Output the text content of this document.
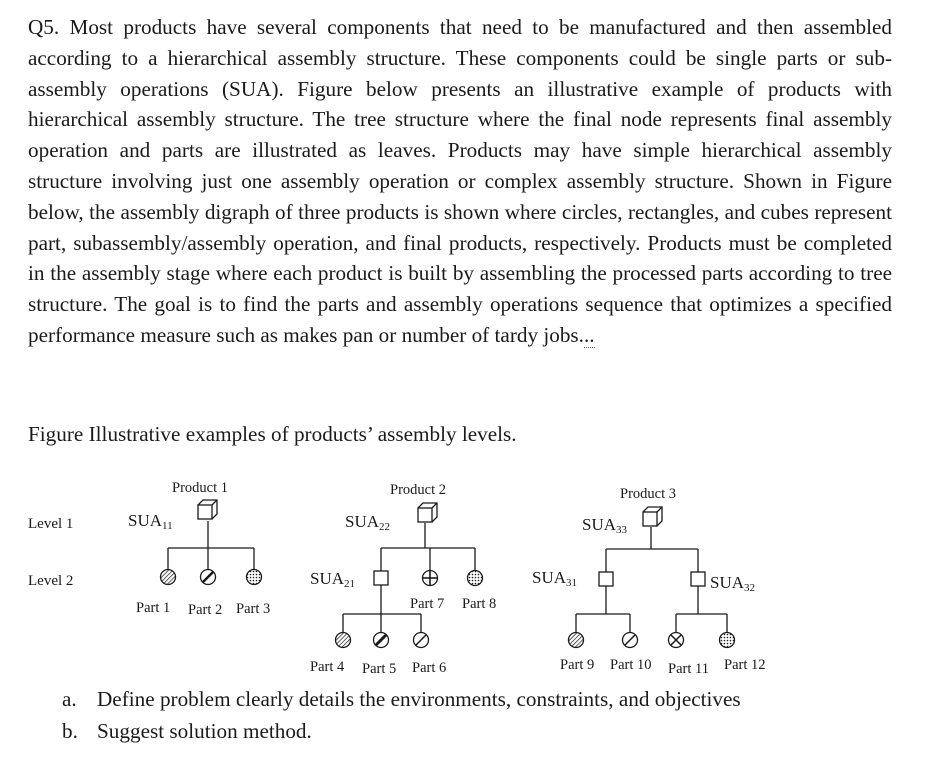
Q5. Most products have several components that need to be manufactured and then assembled according to a hierarchical assembly structure. These components could be single parts or sub-assembly operations (SUA). Figure below presents an illustrative example of products with hierarchical assembly structure. The tree structure where the final node represents final assembly operation and parts are illustrated as leaves. Products may have simple hierarchical assembly structure involving just one assembly operation or complex assembly structure. Shown in Figure below, the assembly digraph of three products is shown where circles, rectangles, and cubes represent part, subassembly/assembly operation, and final products, respectively. Products must be completed in the assembly stage where each product is built by assembling the processed parts according to tree structure. The goal is to find the parts and assembly operations sequence that optimizes a specified performance measure such as makes pan or number of tardy jobs...

Figure Illustrative examples of products’ assembly levels.

Level 1
Level 2
Product 1	Product 2	Product 3
SUA11
Part 1 Part 2 Part 3
SUA22
SUA21
Part 7 Part 8
Part 4 Part 5 Part 6
SUA33
SUA31	SUA32
Part 9 Part 10 Part 11 Part 12
a. Define problem clearly details the environments, constraints, and objectives
b. Suggest solution method.
